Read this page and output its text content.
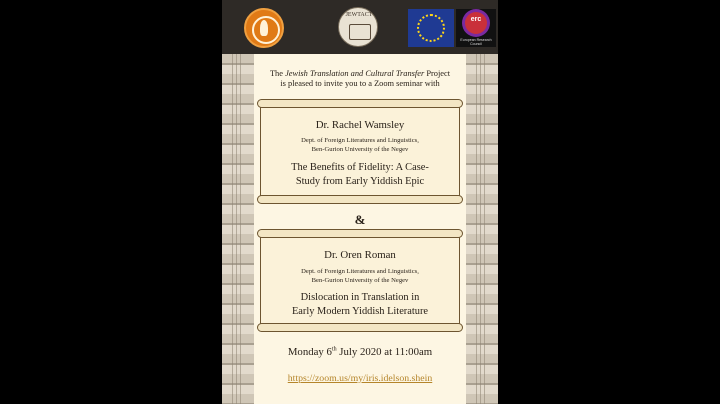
JEWTACT
erc
European Research Council
The Jewish Translation and Cultural Transfer Project
is pleased to invite you to a Zoom seminar with
Dr. Rachel Wamsley
Dept. of Foreign Literatures and Linguistics,
Ben-Gurion University of the Negev
The Benefits of Fidelity: A Case-
Study from Early Yiddish Epic
&
Dr. Oren Roman
Dept. of Foreign Literatures and Linguistics,
Ben-Gurion University of the Negev
Dislocation in Translation in
Early Modern Yiddish Literature
Monday 6th July 2020 at 11:00am
https://zoom.us/my/iris.idelson.shein
